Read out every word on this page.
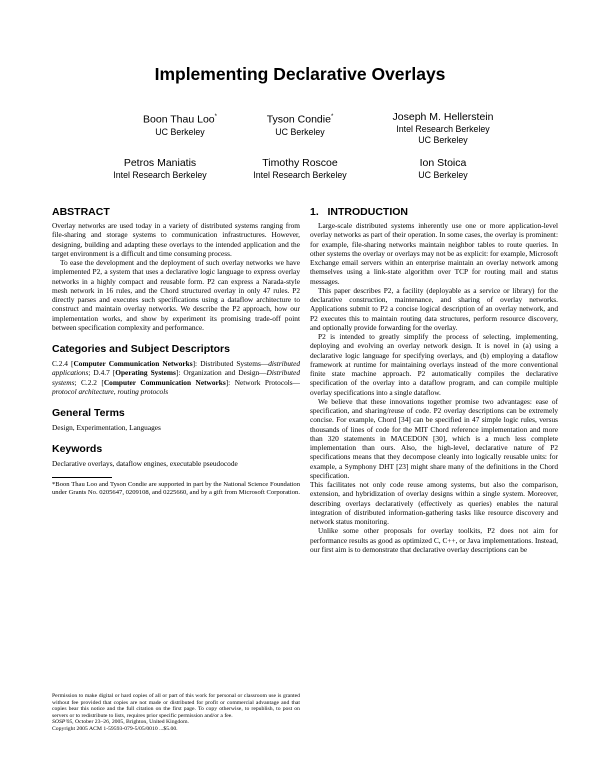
Implementing Declarative Overlays
Boon Thau Loo*
UC Berkeley
Tyson Condie*
UC Berkeley
Joseph M. Hellerstein
Intel Research Berkeley
UC Berkeley
Petros Maniatis
Intel Research Berkeley
Timothy Roscoe
Intel Research Berkeley
Ion Stoica
UC Berkeley
ABSTRACT

Overlay networks are used today in a variety of distributed systems ranging from file-sharing and storage systems to communication infrastructures. However, designing, building and adapting these overlays to the intended application and the target environment is a difficult and time consuming process.

To ease the development and the deployment of such overlay networks we have implemented P2, a system that uses a declarative logic language to express overlay networks in a highly compact and reusable form. P2 can express a Narada-style mesh network in 16 rules, and the Chord structured overlay in only 47 rules. P2 directly parses and executes such specifications using a dataflow architecture to construct and maintain overlay networks. We describe the P2 approach, how our implementation works, and show by experiment its promising trade-off point between specification complexity and performance.

Categories and Subject Descriptors
C.2.4 [Computer Communication Networks]: Distributed Systems—distributed applications; D.4.7 [Operating Systems]: Organization and Design—Distributed systems; C.2.2 [Computer Communication Networks]: Network Protocols—protocol architecture, routing protocols
General Terms

Design, Experimentation, Languages

Keywords

Declarative overlays, dataflow engines, executable pseudocode

*Boon Thau Loo and Tyson Condie are supported in part by the National Science Foundation under Grants No. 0205647, 0209108, and 0225660, and by a gift from Microsoft Corporation.

Permission to make digital or hard copies of all or part of this work for personal or classroom use is granted without fee provided that copies are not made or distributed for profit or commercial advantage and that copies bear this notice and the full citation on the first page. To copy otherwise, to republish, to post on servers or to redistribute to lists, requires prior specific permission and/or a fee.
SOSP'05, October 23–26, 2005, Brighton, United Kingdom.
Copyright 2005 ACM 1-59593-079-5/05/0010 ...$5.00.
1.   INTRODUCTION

Large-scale distributed systems inherently use one or more application-level overlay networks as part of their operation. In some cases, the overlay is prominent: for example, file-sharing networks maintain neighbor tables to route queries. In other systems the overlay or overlays may not be as explicit: for example, Microsoft Exchange email servers within an enterprise maintain an overlay network among themselves using a link-state algorithm over TCP for routing mail and status messages.

This paper describes P2, a facility (deployable as a service or library) for the declarative construction, maintenance, and sharing of overlay networks. Applications submit to P2 a concise logical description of an overlay network, and P2 executes this to maintain routing data structures, perform resource discovery, and optionally provide forwarding for the overlay.

P2 is intended to greatly simplify the process of selecting, implementing, deploying and evolving an overlay network design. It is novel in (a) using a declarative logic language for specifying overlays, and (b) employing a dataflow framework at runtime for maintaining overlays instead of the more conventional finite state machine approach. P2 automatically compiles the declarative specification of the overlay into a dataflow program, and can compile multiple overlay specifications into a single dataflow.

We believe that these innovations together promise two advantages: ease of specification, and sharing/reuse of code. P2 overlay descriptions can be extremely concise. For example, Chord [34] can be specified in 47 simple logic rules, versus thousands of lines of code for the MIT Chord reference implementation and more than 320 statements in MACEDON [30], which is a much less complete implementation than ours. Also, the high-level, declarative nature of P2 specifications means that they decompose cleanly into logically reusable units: for example, a Symphony DHT [23] might share many of the definitions in the Chord specification.

This facilitates not only code reuse among systems, but also the comparison, extension, and hybridization of overlay designs within a single system. Moreover, describing overlays declaratively (effectively as queries) enables the natural integration of distributed information-gathering tasks like resource discovery and network status monitoring.

Unlike some other proposals for overlay toolkits, P2 does not aim for performance results as good as optimized C, C++, or Java implementations. Instead, our first aim is to demonstrate that declarative overlay descriptions can be
